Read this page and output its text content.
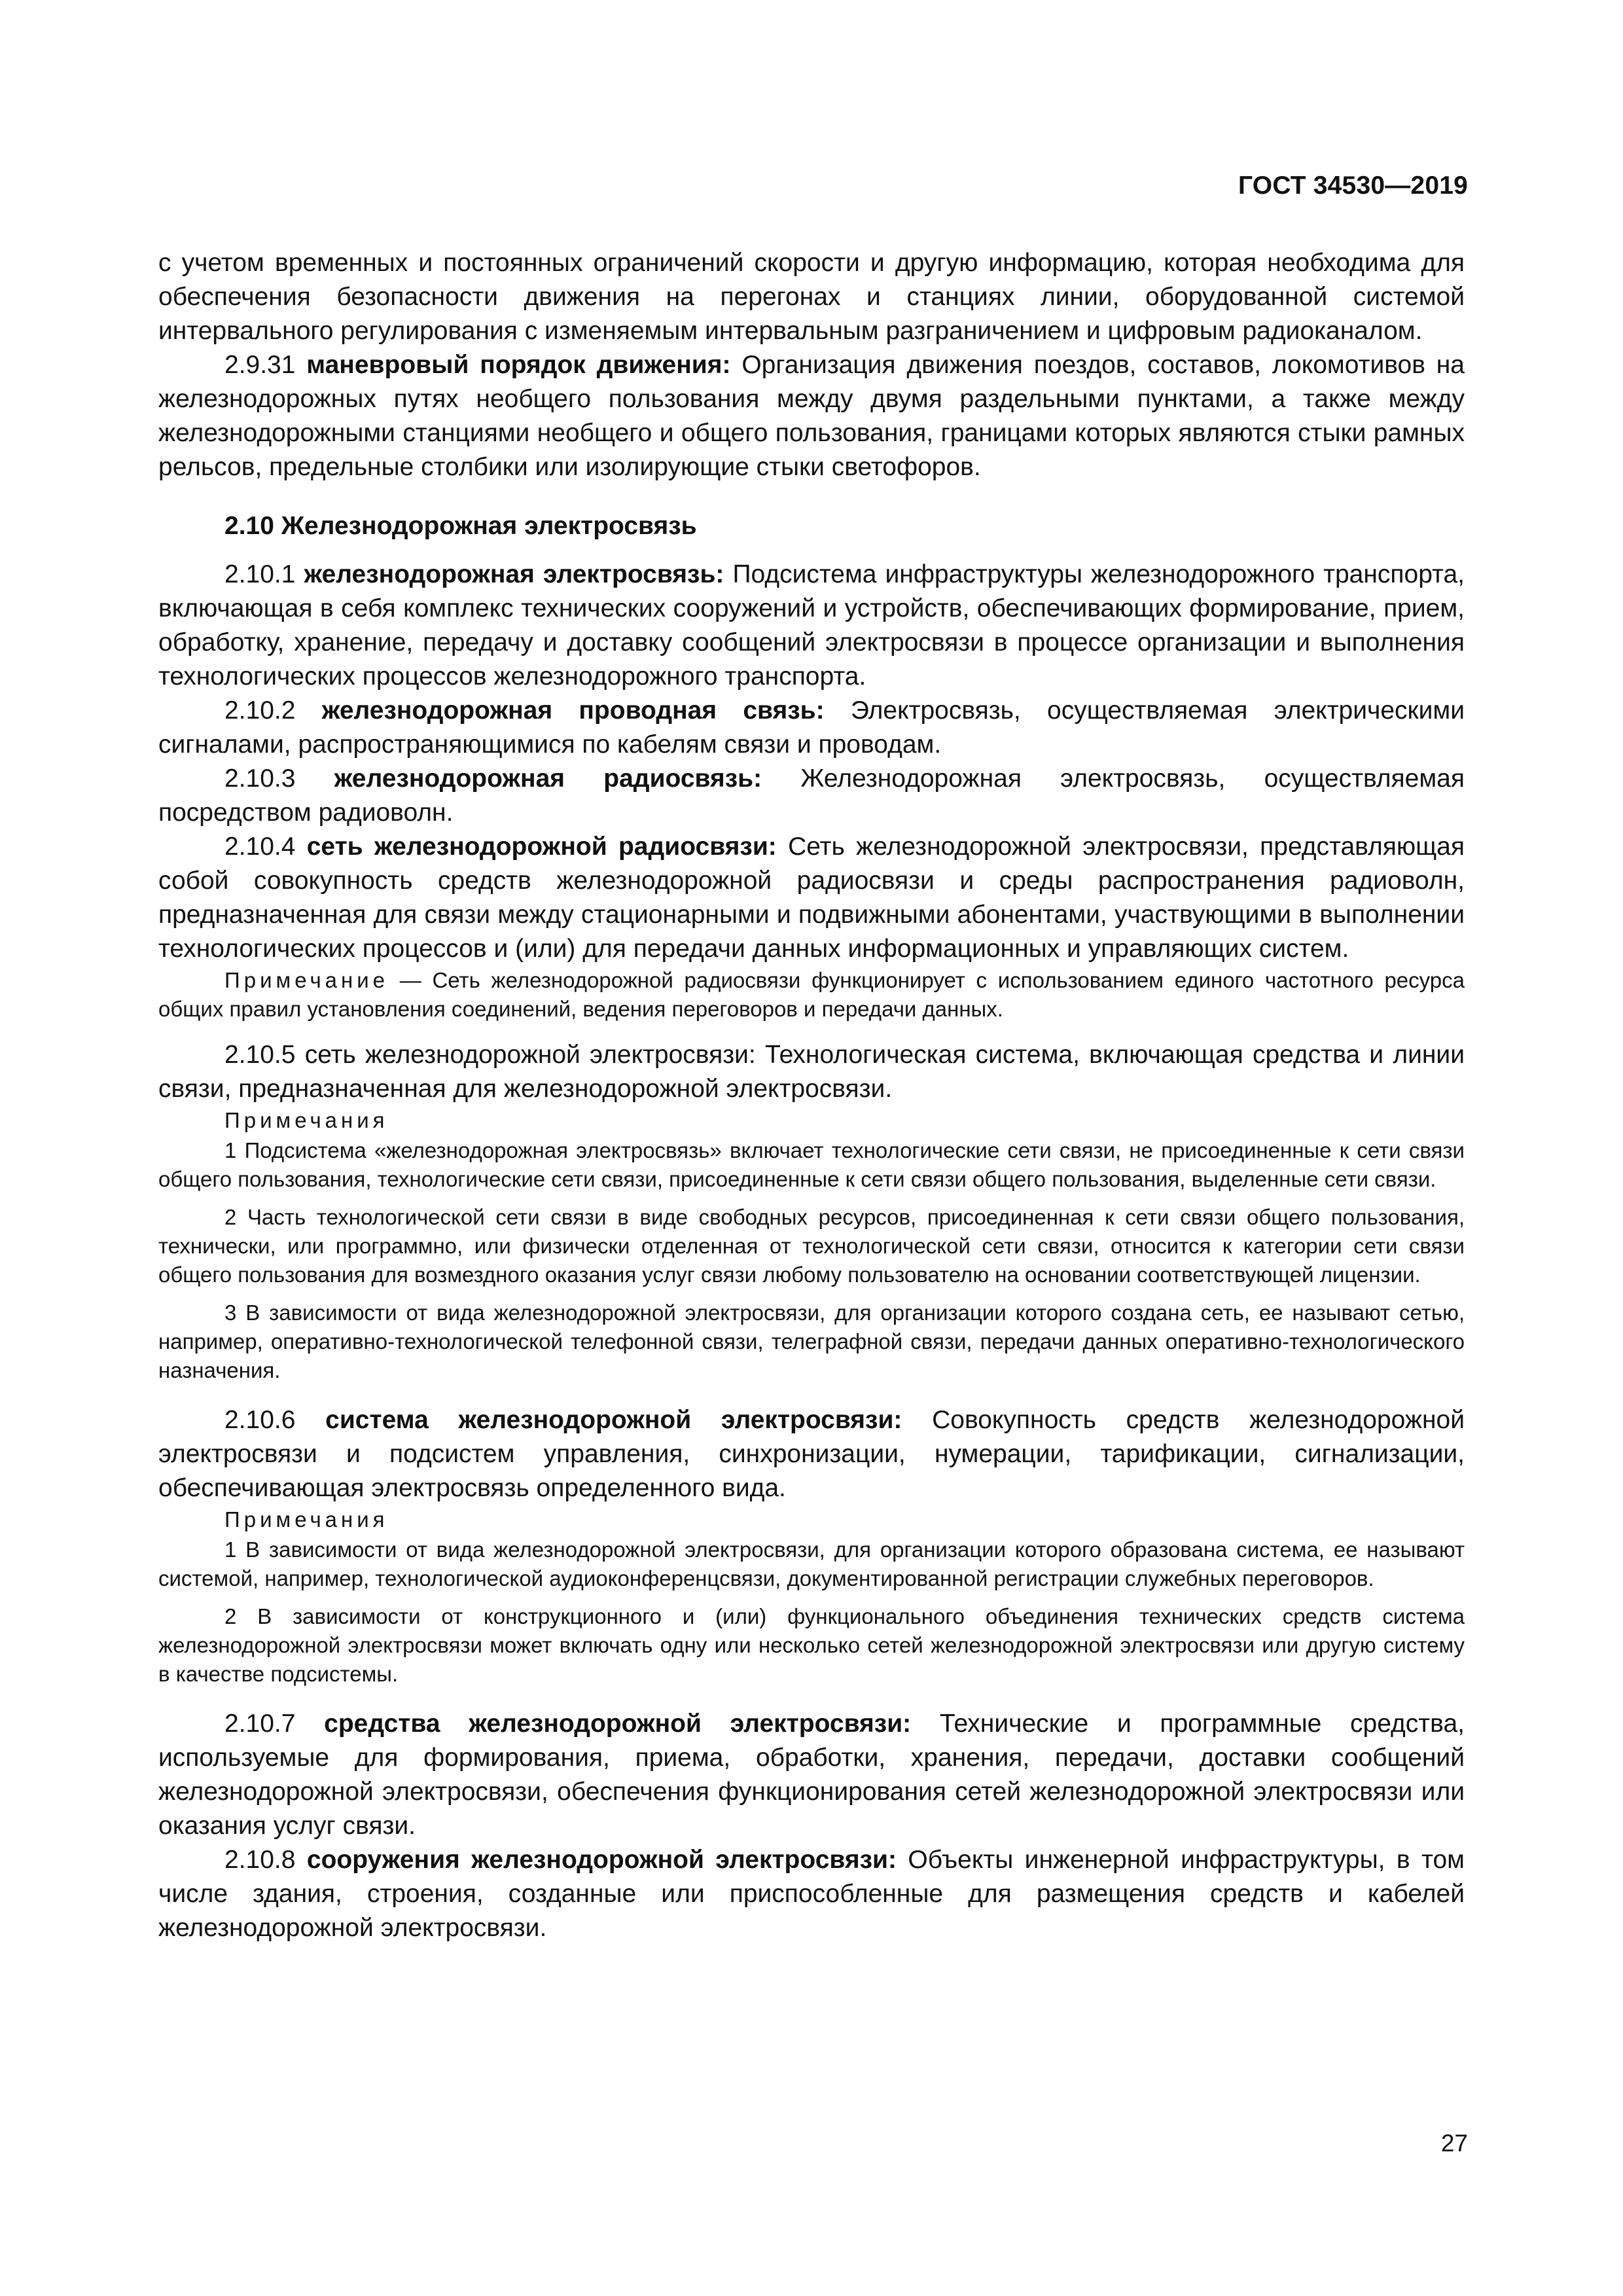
ГОСТ 34530—2019

с учетом временных и постоянных ограничений скорости и другую информацию, которая необходима для обеспечения безопасности движения на перегонах и станциях линии, оборудованной системой интервального регулирования с изменяемым интервальным разграничением и цифровым радиоканалом.

2.9.31 маневровый порядок движения: Организация движения поездов, составов, локомотивов на железнодорожных путях необщего пользования между двумя раздельными пунктами, а также между железнодорожными станциями необщего и общего пользования, границами которых являются стыки рамных рельсов, предельные столбики или изолирующие стыки светофоров.

2.10 Железнодорожная электросвязь

2.10.1 железнодорожная электросвязь: Подсистема инфраструктуры железнодорожного транспорта, включающая в себя комплекс технических сооружений и устройств, обеспечивающих формирование, прием, обработку, хранение, передачу и доставку сообщений электросвязи в процессе организации и выполнения технологических процессов железнодорожного транспорта.

2.10.2 железнодорожная проводная связь: Электросвязь, осуществляемая электрическими сигналами, распространяющимися по кабелям связи и проводам.

2.10.3 железнодорожная радиосвязь: Железнодорожная электросвязь, осуществляемая посредством радиоволн.

2.10.4 сеть железнодорожной радиосвязи: Сеть железнодорожной электросвязи, представляющая собой совокупность средств железнодорожной радиосвязи и среды распространения радиоволн, предназначенная для связи между стационарными и подвижными абонентами, участвующими в выполнении технологических процессов и (или) для передачи данных информационных и управляющих систем.

Примечание — Сеть железнодорожной радиосвязи функционирует с использованием единого частотного ресурса общих правил установления соединений, ведения переговоров и передачи данных.

2.10.5 сеть железнодорожной электросвязи: Технологическая система, включающая средства и линии связи, предназначенная для железнодорожной электросвязи.

Примечания

1 Подсистема «железнодорожная электросвязь» включает технологические сети связи, не присоединенные к сети связи общего пользования, технологические сети связи, присоединенные к сети связи общего пользования, выделенные сети связи.

2 Часть технологической сети связи в виде свободных ресурсов, присоединенная к сети связи общего пользования, технически, или программно, или физически отделенная от технологической сети связи, относится к категории сети связи общего пользования для возмездного оказания услуг связи любому пользователю на основании соответствующей лицензии.

3 В зависимости от вида железнодорожной электросвязи, для организации которого создана сеть, ее называют сетью, например, оперативно-технологической телефонной связи, телеграфной связи, передачи данных оперативно-технологического назначения.

2.10.6 система железнодорожной электросвязи: Совокупность средств железнодорожной электросвязи и подсистем управления, синхронизации, нумерации, тарификации, сигнализации, обеспечивающая электросвязь определенного вида.

Примечания

1 В зависимости от вида железнодорожной электросвязи, для организации которого образована система, ее называют системой, например, технологической аудиоконференцсвязи, документированной регистрации служебных переговоров.

2 В зависимости от конструкционного и (или) функционального объединения технических средств система железнодорожной электросвязи может включать одну или несколько сетей железнодорожной электросвязи или другую систему в качестве подсистемы.

2.10.7 средства железнодорожной электросвязи: Технические и программные средства, используемые для формирования, приема, обработки, хранения, передачи, доставки сообщений железнодорожной электросвязи, обеспечения функционирования сетей железнодорожной электросвязи или оказания услуг связи.

2.10.8 сооружения железнодорожной электросвязи: Объекты инженерной инфраструктуры, в том числе здания, строения, созданные или приспособленные для размещения средств и кабелей железнодорожной электросвязи.

27
